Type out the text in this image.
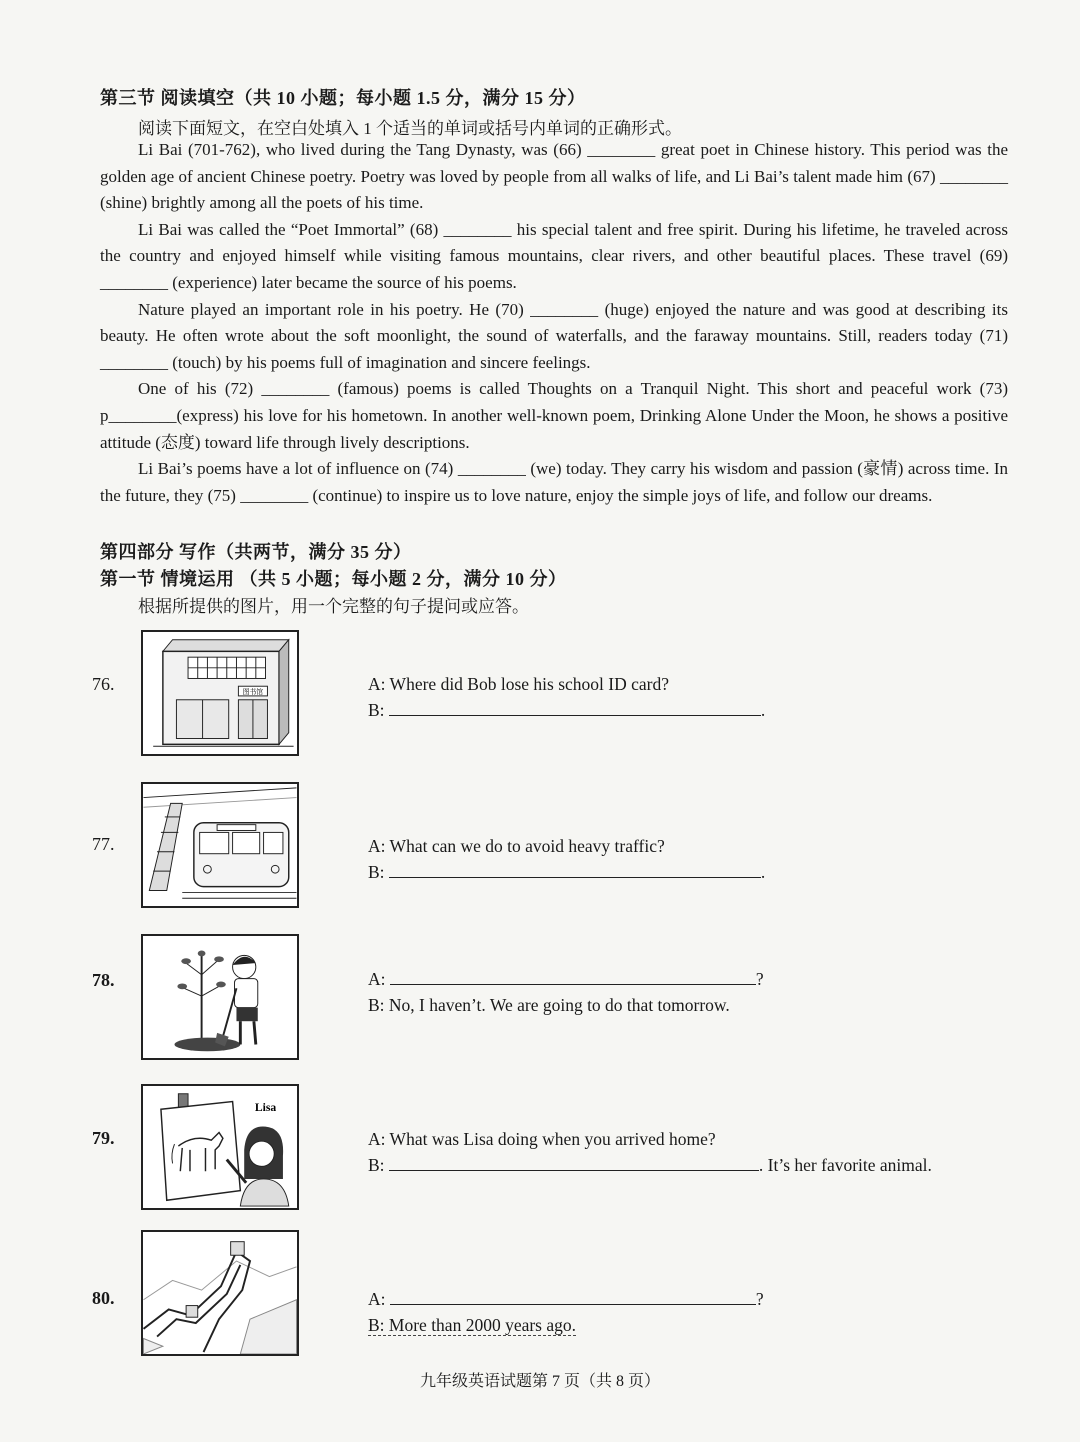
第三节 阅读填空（共 10 小题；每小题 1.5 分，满分 15 分）
阅读下面短文，在空白处填入 1 个适当的单词或括号内单词的正确形式。

Li Bai (701-762), who lived during the Tang Dynasty, was (66) ________ great poet in Chinese history. This period was the golden age of ancient Chinese poetry. Poetry was loved by people from all walks of life, and Li Bai’s talent made him (67) ________ (shine) brightly among all the poets of his time.

Li Bai was called the “Poet Immortal” (68) ________ his special talent and free spirit. During his lifetime, he traveled across the country and enjoyed himself while visiting famous mountains, clear rivers, and other beautiful places. These travel (69) ________ (experience) later became the source of his poems.

Nature played an important role in his poetry. He (70) ________ (huge) enjoyed the nature and was good at describing its beauty. He often wrote about the soft moonlight, the sound of waterfalls, and the faraway mountains. Still, readers today (71) ________ (touch) by his poems full of imagination and sincere feelings.

One of his (72) ________ (famous) poems is called Thoughts on a Tranquil Night. This short and peaceful work (73) p________(express) his love for his hometown. In another well-known poem, Drinking Alone Under the Moon, he shows a positive attitude (态度) toward life through lively descriptions.

Li Bai’s poems have a lot of influence on (74) ________ (we) today. They carry his wisdom and passion (豪情) across time. In the future, they (75) ________ (continue) to inspire us to love nature, enjoy the simple joys of life, and follow our dreams.

第四部分 写作（共两节，满分 35 分）
第一节 情境运用 （共 5 小题；每小题 2 分，满分 10 分）
根据所提供的图片，用一个完整的句子提问或应答。
76.	图书馆	A: Where did Bob lose his school ID card?
B:	.
77.	A: What can we do to avoid heavy traffic?
B:	.
78.	A:	?
B: No, I haven’t. We are going to do that tomorrow.
79.
Lisa
A: What was Lisa doing when you arrived home?
B:	. It’s her favorite animal.
80.	A:	?
B: More than 2000 years ago.
九年级英语试题第 7 页（共 8 页）
